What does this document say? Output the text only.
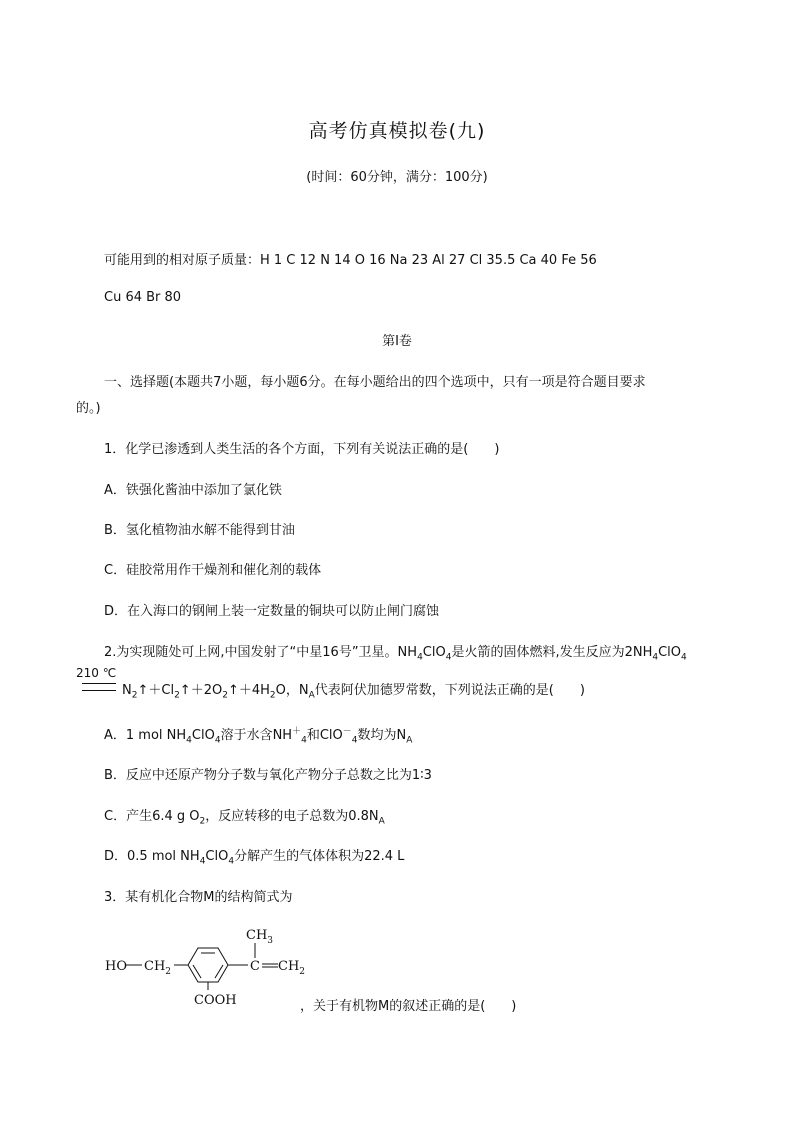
高考仿真模拟卷(九)
(时间：60分钟，满分：100分)
可能用到的相对原子质量：H 1 C 12 N 14 O 16 Na 23 Al 27 Cl 35.5 Ca 40 Fe 56
Cu 64 Br 80
第Ⅰ卷
一、选择题(本题共7小题，每小题6分。在每小题给出的四个选项中，只有一项是符合题目要求
的。)
1．化学已渗透到人类生活的各个方面，下列有关说法正确的是(　　)
A．铁强化酱油中添加了氯化铁
B．氢化植物油水解不能得到甘油
C．硅胶常用作干燥剂和催化剂的载体
D．在入海口的钢闸上装一定数量的铜块可以防止闸门腐蚀
2.为实现随处可上网,中国发射了“中星16号”卫星。$NH_4ClO_4$是火箭的固体燃料,发生反应为$2NH_4ClO_4$
210 ℃
$N_2↑+Cl_2↑+2O_2↑+4H_2O$，$N_A$代表阿伏加德罗常数，下列说法正确的是(　　)
A．1 mol $NH_4ClO_4$溶于水含$NH^+_4$和ClO－$_4$数均为$N_A$
B．反应中还原产物分子数与氧化产物分子总数之比为1∶3
C．产生6.4 g $O_2$，反应转移的电子总数为$0.8N_A$
D．0.5 mol $NH_4ClO_4$分解产生的气体体积为22.4 L
3．某有机化合物M的结构简式为
HO $CH_2$
$CH_3$
C $CH_2$
COOH	，关于有机物M的叙述正确的是(　　)
